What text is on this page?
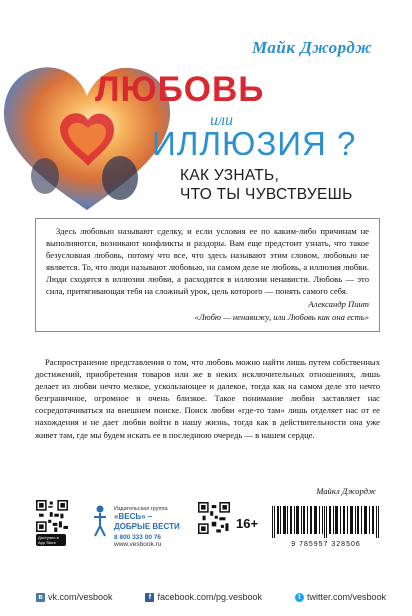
Майк Джордж
ЛЮБОВЬ
или
ИЛЛЮЗИЯ ?
КАК УЗНАТЬ,
ЧТО ТЫ ЧУВСТВУЕШЬ

Здесь любовью называют сделку, и если условия ее по каким-либо причинам не выполняются, возникают конфликты и раздоры. Вам еще предстоит узнать, что такое безусловная любовь, потому что все, что здесь называют этим словом, любовью не является. То, что люди называют любовью, на самом деле не любовь, а иллюзия любви. Люди сходятся в иллюзии любви, а расходятся в иллюзии ненависти. Любовь — это сила, притягивающая тебя на сложный урок, цель которого — понять самого себя.

Александр Пинт
«Любю — ненавижу, или Любовь как она есть»

Распространение представления о том, что любовь можно найти лишь путем собственных достижений, приобретения товаров или же в неких исключительных отношениях, лишь делает из любви нечто мелкое, ускользающее и далекое, тогда как на самом деле это нечто безграничное, огромное и очень близкое. Такое понимание любви заставляет нас сосредотачиваться на внешнем поиске. Поиск любви «где-то там» лишь отделяет нас от ее нахождения и не дает любви войти в нашу жизнь, тогда как в действительности она уже живет там, где мы будем искать ее в последнюю очередь — в нашем сердце.

Майкл Джордж
Доступно в
App Store
Издательская группа
«ВЕСЬ» –
ДОБРЫЕ ВЕСТИ
8 800 333 00 76
www.vesbook.ru
16+
9 785957 328506
в vk.com/vesbook	f facebook.com/pg.vesbook	t twitter.com/vesbook
